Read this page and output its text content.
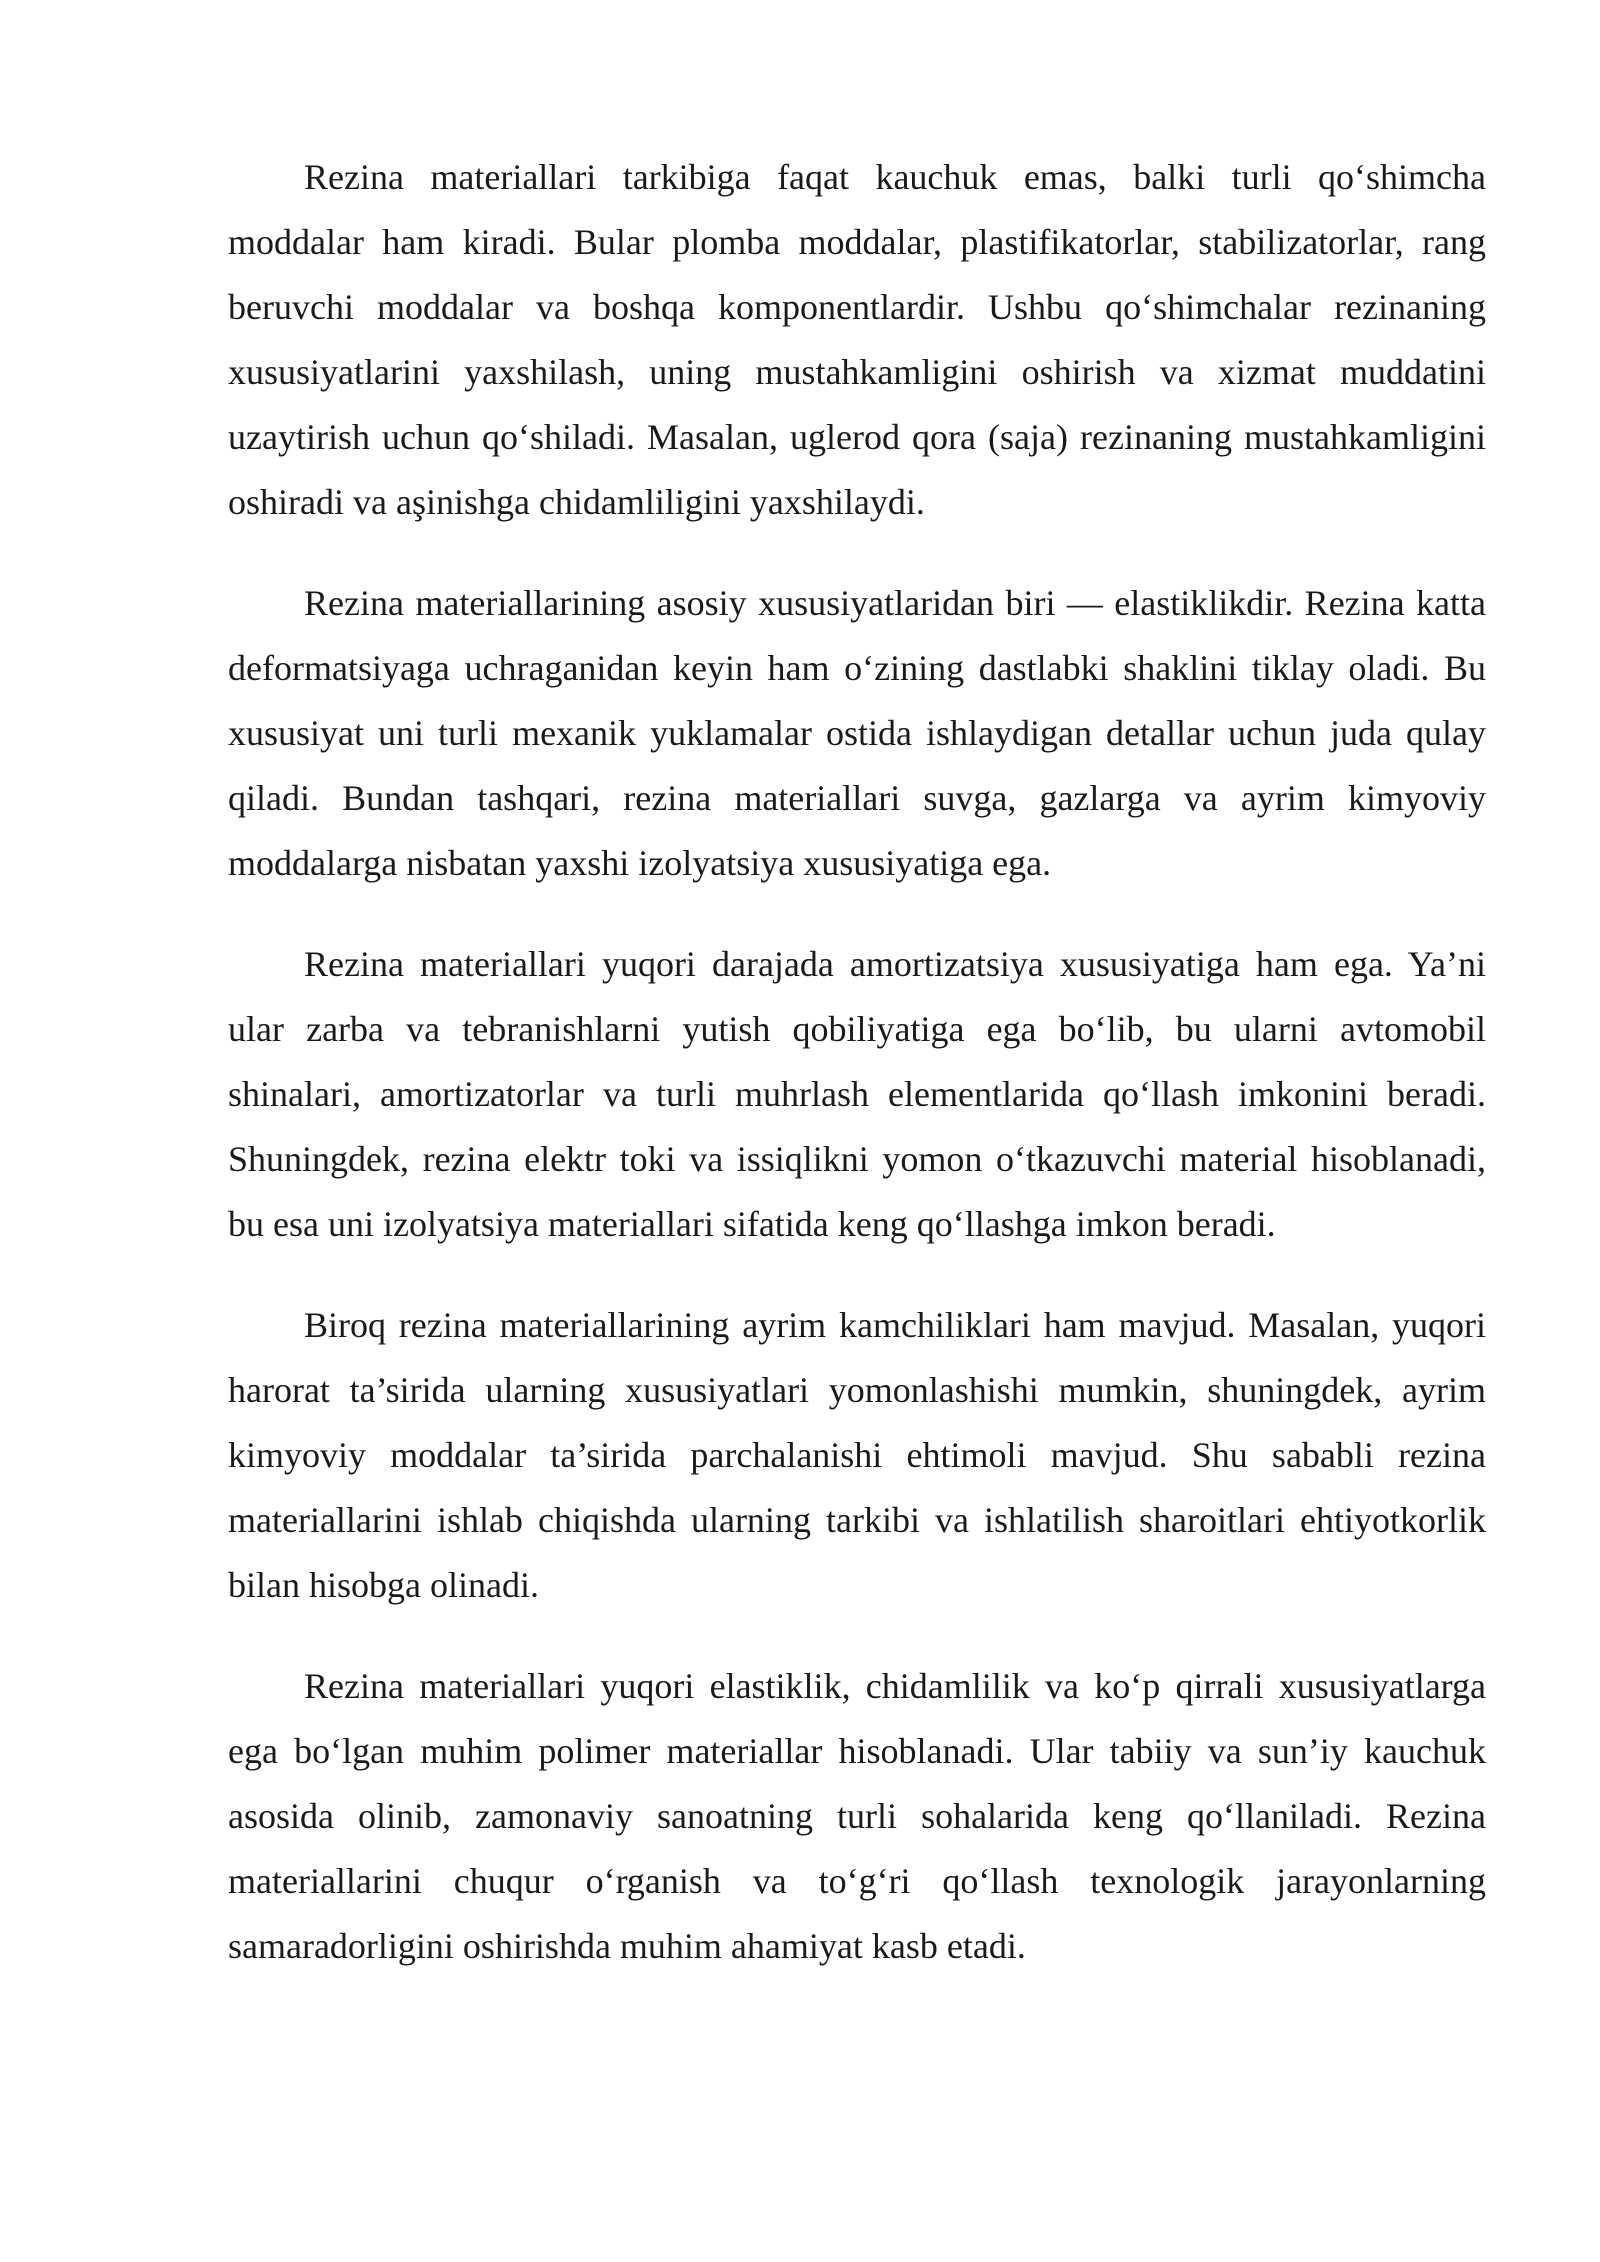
Rezina materiallari tarkibiga faqat kauchuk emas, balki turli qo‘shimcha moddalar ham kiradi. Bular plomba moddalar, plastifikatorlar, stabilizatorlar, rang beruvchi moddalar va boshqa komponentlardir. Ushbu qo‘shimchalar rezinaning xususiyatlarini yaxshilash, uning mustahkamligini oshirish va xizmat muddatini uzaytirish uchun qo‘shiladi. Masalan, uglerod qora (saja) rezinaning mustahkamligini oshiradi va aşinishga chidamliligini yaxshilaydi.

Rezina materiallarining asosiy xususiyatlaridan biri — elastiklikdir. Rezina katta deformatsiyaga uchraganidan keyin ham o‘zining dastlabki shaklini tiklay oladi. Bu xususiyat uni turli mexanik yuklamalar ostida ishlaydigan detallar uchun juda qulay qiladi. Bundan tashqari, rezina materiallari suvga, gazlarga va ayrim kimyoviy moddalarga nisbatan yaxshi izolyatsiya xususiyatiga ega.

Rezina materiallari yuqori darajada amortizatsiya xususiyatiga ham ega. Ya’ni ular zarba va tebranishlarni yutish qobiliyatiga ega bo‘lib, bu ularni avtomobil shinalari, amortizatorlar va turli muhrlash elementlarida qo‘llash imkonini beradi. Shuningdek, rezina elektr toki va issiqlikni yomon o‘tkazuvchi material hisoblanadi, bu esa uni izolyatsiya materiallari sifatida keng qo‘llashga imkon beradi.

Biroq rezina materiallarining ayrim kamchiliklari ham mavjud. Masalan, yuqori harorat ta’sirida ularning xususiyatlari yomonlashishi mumkin, shuningdek, ayrim kimyoviy moddalar ta’sirida parchalanishi ehtimoli mavjud. Shu sababli rezina materiallarini ishlab chiqishda ularning tarkibi va ishlatilish sharoitlari ehtiyotkorlik bilan hisobga olinadi.

Rezina materiallari yuqori elastiklik, chidamlilik va ko‘p qirrali xususiyatlarga ega bo‘lgan muhim polimer materiallar hisoblanadi. Ular tabiiy va sun’iy kauchuk asosida olinib, zamonaviy sanoatning turli sohalarida keng qo‘llaniladi. Rezina materiallarini chuqur o‘rganish va to‘g‘ri qo‘llash texnologik jarayonlarning samaradorligini oshirishda muhim ahamiyat kasb etadi.
